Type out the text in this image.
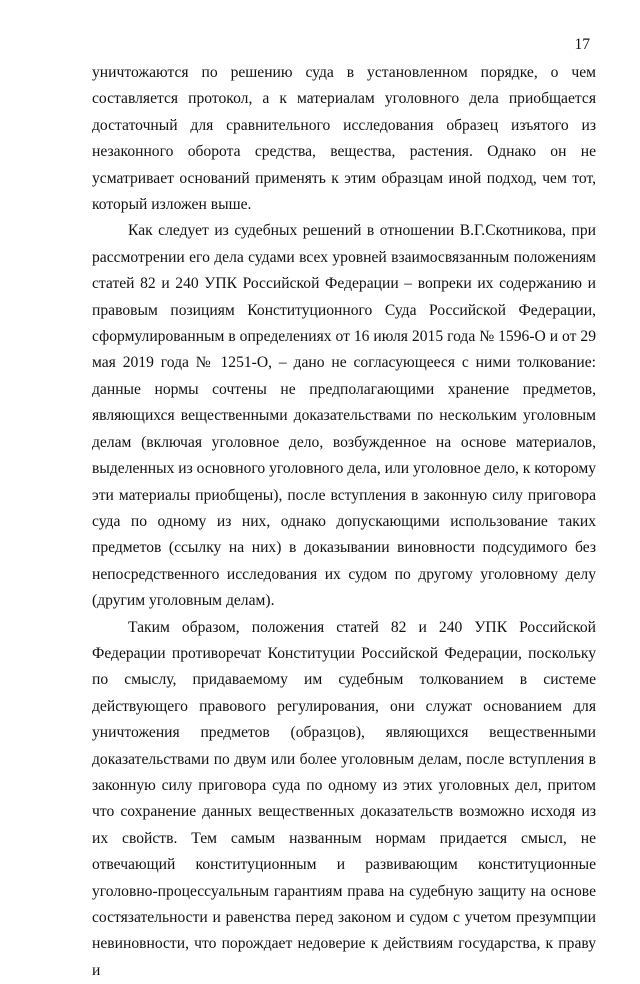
17

уничтожаются по решению суда в установленном порядке, о чем составляется протокол, а к материалам уголовного дела приобщается достаточный для сравнительного исследования образец изъятого из незаконного оборота средства, вещества, растения. Однако он не усматривает оснований применять к этим образцам иной подход, чем тот, который изложен выше.

Как следует из судебных решений в отношении В.Г.Скотникова, при рассмотрении его дела судами всех уровней взаимосвязанным положениям статей 82 и 240 УПК Российской Федерации – вопреки их содержанию и правовым позициям Конституционного Суда Российской Федерации, сформулированным в определениях от 16 июля 2015 года № 1596-О и от 29 мая 2019 года № 1251-О, – дано не согласующееся с ними толкование: данные нормы сочтены не предполагающими хранение предметов, являющихся вещественными доказательствами по нескольким уголовным делам (включая уголовное дело, возбужденное на основе материалов, выделенных из основного уголовного дела, или уголовное дело, к которому эти материалы приобщены), после вступления в законную силу приговора суда по одному из них, однако допускающими использование таких предметов (ссылку на них) в доказывании виновности подсудимого без непосредственного исследования их судом по другому уголовному делу (другим уголовным делам).

Таким образом, положения статей 82 и 240 УПК Российской Федерации противоречат Конституции Российской Федерации, поскольку по смыслу, придаваемому им судебным толкованием в системе действующего правового регулирования, они служат основанием для уничтожения предметов (образцов), являющихся вещественными доказательствами по двум или более уголовным делам, после вступления в законную силу приговора суда по одному из этих уголовных дел, притом что сохранение данных вещественных доказательств возможно исходя из их свойств. Тем самым названным нормам придается смысл, не отвечающий конституционным и развивающим конституционные уголовно-процессуальным гарантиям права на судебную защиту на основе состязательности и равенства перед законом и судом с учетом презумпции невиновности, что порождает недоверие к действиям государства, к праву и
